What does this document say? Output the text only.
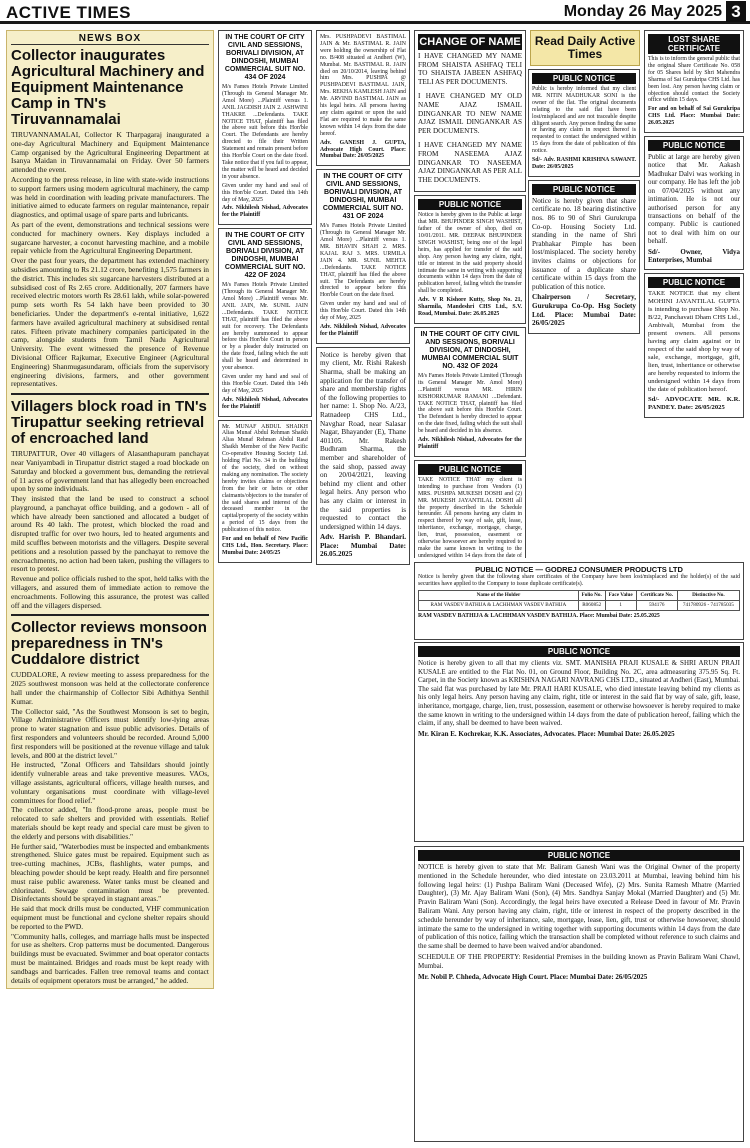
ACTIVE TIMES	Monday 26 May 2025 3
NEWS BOX
Collector inaugurates Agricultural Machinery and Equipment Maintenance Camp in TN's Tiruvannamalai

TIRUVANNAMALAI, Collector K Tharpagaraj inaugurated a one-day Agricultural Machinery and Equipment Maintenance Camp organised by the Agricultural Engineering Department at Isanya Maidan in Tiruvannamalai on Friday. Over 50 farmers attended the event.

According to the press release, in line with state-wide instructions to support farmers using modern agricultural machinery, the camp was held in coordination with leading private manufacturers. The initiative aimed to educate farmers on regular maintenance, repair diagnostics, and optimal usage of spare parts and lubricants.

As part of the event, demonstrations and technical sessions were conducted for machinery owners. Key displays included a sugarcane harvester, a coconut harvesting machine, and a mobile repair vehicle from the Agricultural Engineering Department.

Over the past four years, the department has extended machinery subsidies amounting to Rs 21.12 crore, benefiting 1,575 farmers in the district. This includes six sugarcane harvesters distributed at a subsidised cost of Rs 2.65 crore. Additionally, 207 farmers have received electric motors worth Rs 28.61 lakh, while solar-powered pump sets worth Rs 54 lakh have been provided to 30 beneficiaries. Under the department's e-rental initiative, 1,622 farmers have availed agricultural machinery at subsidised rental rates. Fifteen private machinery companies participated in the camp, alongside students from Tamil Nadu Agricultural University. The event witnessed the presence of Revenue Divisional Officer Rajkumar, Executive Engineer (Agricultural Engineering) Shanmugasundaram, officials from the supervisory engineering divisions, farmers, and other government representatives.

Villagers block road in TN's Tirupattur seeking retrieval of encroached land

TIRUPATTUR, Over 40 villagers of Alasanthapuram panchayat near Vaniyambadi in Tirupattur district staged a road blockade on Saturday and blocked a government bus, demanding the retrieval of 11 acres of government land that has allegedly been encroached upon by some individuals.

They insisted that the land be used to construct a school playground, a panchayat office building, and a godown - all of which have already been sanctioned and allocated a budget of around Rs 40 lakh. The protest, which blocked the road and disrupted traffic for over two hours, led to heated arguments and mild scuffles between motorists and the villagers. Despite several petitions and a resolution passed by the panchayat to remove the encroachments, no action had been taken, pushing the villagers to resort to protest.

Revenue and police officials rushed to the spot, held talks with the villagers, and assured them of immediate action to remove the encroachments. Following this assurance, the protest was called off and the villagers dispersed.

Collector reviews monsoon preparedness in TN's Cuddalore district

CUDDALORE, A review meeting to assess preparedness for the 2025 southwest monsoon was held at the collectorate conference hall under the chairmanship of Collector Sibi Adhithya Senthil Kumar.

The Collector said, "As the Southwest Monsoon is set to begin, Village Administrative Officers must identify low-lying areas prone to water stagnation and issue public advisories. Details of first responders and volunteers should be recorded. Around 5,000 first responders will be positioned at the revenue village and taluk levels, and 800 at the district level."

He instructed, "Zonal Officers and Tahsildars should jointly identify vulnerable areas and take preventive measures. VAOs, village assistants, agricultural officers, village health nurses, and voluntary organisations must coordinate with village-level committees for flood relief."

The collector added, "In flood-prone areas, people must be relocated to safe shelters and provided with essentials. Relief materials should be kept ready and special care must be given to the elderly and persons with disabilities."

He further said, "Waterbodies must be inspected and embankments strengthened. Sluice gates must be repaired. Equipment such as tree-cutting machines, JCBs, flashlights, water pumps, and bleaching powder should be kept ready. Health and fire personnel must raise public awareness. Water tanks must be cleaned and chlorinated. Sewage contamination must be prevented. Disinfectants should be sprayed in stagnant areas."

He said that mock drills must be conducted, VHF communication equipment must be functional and cyclone shelter repairs should be reported to the PWD.

"Community halls, colleges, and marriage halls must be inspected for use as shelters. Crop patterns must be documented. Dangerous buildings must be evacuated. Swimmer and boat operator contacts must be maintained. Bridges and roads must be kept ready with sandbags and barricades. Fallen tree removal teams and contact details of equipment operators must be arranged," he added.

IN THE COURT OF CITY CIVIL AND SESSIONS, BORIVALI DIVISION, AT DINDOSHI, MUMBAI COMMERCIAL SUIT NO. 434 OF 2024

M/s Fames Hotels Private Limited (Through its General Manager Mr. Amol More) ...Plaintiff versus 1. ANIL JAGDISH JAIN 2. ASHWINI THAKRE ...Defendants. TAKE NOTICE THAT, plaintiff has filed the above suit before this Hon'ble Court. The Defendants are hereby directed to file their Written Statement and remain present before this Hon'ble Court on the date fixed. Take notice that if you fail to appear, the matter will be heard and decided in your absence.

Given under my hand and seal of this Hon'ble Court. Dated this 14th day of May, 2025

Adv. Nikhilesh Nishad, Advocates for the Plaintiff

IN THE COURT OF CITY CIVIL AND SESSIONS, BORIVALI DIVISION, AT DINDOSHI, MUMBAI COMMERCIAL SUIT NO. 422 OF 2024

M/s Fames Hotels Private Limited (Through its General Manager Mr. Amol More) ...Plaintiff versus Mr. ANIL JAIN, Mr. SUNIL JAIN ...Defendants. TAKE NOTICE THAT, plaintiff has filed the above suit for recovery. The Defendants are hereby summoned to appear before this Hon'ble Court in person or by a pleader duly instructed on the date fixed, failing which the suit shall be heard and determined in your absence.

Given under my hand and seal of this Hon'ble Court. Dated this 14th day of May, 2025

Adv. Nikhilesh Nishad, Advocates for the Plaintiff

Mr. MUNAF ABDUL SHAIKH Alias Munaf Abdul Rehman Shaikh Alias Munaf Rehman Abdul Rauf Shaikh Member of the New Pacific Co-operative Housing Society Ltd. holding Flat No. 34 in the building of the society, died on without making any nomination. The society hereby invites claims or objections from the heir or heirs or other claimants/objectors to the transfer of the said shares and interest of the deceased member in the capital/property of the society within a period of 15 days from the publication of this notice.

For and on behalf of New Pacific CHS Ltd., Hon. Secretary. Place: Mumbai Date: 24/05/25

Mrs. PUSHPADEVI BASTIMAL JAIN & Mr. BASTIMAL R. JAIN were holding the ownership of Flat no. B/408 situated at Andheri (W), Mumbai. Mr. BASTIMAL R. JAIN died on 20/10/2014, leaving behind him Mrs. PUSHPA @ PUSHPADEVI BASTIMAL JAIN, Mrs. REKHA KAMLESH JAIN and Mr. ARVIND BASTIMAL JAIN as his legal heirs. All persons having any claim against or upon the said Flat are required to make the same known within 14 days from the date hereof.

Adv. GANESH J. GUPTA, Advocate High Court. Place: Mumbai Date: 26/05/2025

IN THE COURT OF CITY CIVIL AND SESSIONS, BORIVALI DIVISION, AT DINDOSHI, MUMBAI COMMERCIAL SUIT NO. 431 OF 2024

M/s Fames Hotels Private Limited (Through its General Manager Mr. Amol More) ...Plaintiff versus 1. MR. BHAVIN SHAH 2. MRS. KAJAL RAJ 3. MRS. URMILA JAIN 4. MR. SUNIL MEHTA ...Defendants. TAKE NOTICE THAT, plaintiff has filed the above suit. The Defendants are hereby directed to appear before this Hon'ble Court on the date fixed.

Given under my hand and seal of this Hon'ble Court. Dated this 14th day of May, 2025

Adv. Nikhilesh Nishad, Advocates for the Plaintiff

Notice is hereby given that my client, Mr. Rishi Rakesh Sharma, shall be making an application for the transfer of share and membership rights of the following properties to her name: 1. Shop No. A/23, Ratnadeep CHS Ltd., Navghar Road, near Salasar Nagar, Bhayander (E), Thane 401105. Mr. Rakesh Budhram Sharma, the member and shareholder of the said shop, passed away on 20/04/2021, leaving behind my client and other legal heirs. Any person who has any claim or interest in the said properties is requested to contact the undersigned within 14 days.

Adv. Harish P. Bhandari. Place: Mumbai Date: 26.05.2025

CHANGE OF NAME

I HAVE CHANGED MY NAME FROM SHAISTA ASHFAQ TELI TO SHAISTA JABEEN ASHFAQ TELI AS PER DOCUMENTS.

I HAVE CHANGED MY OLD NAME AJAZ ISMAIL DINGANKAR TO NEW NAME AJAZ ISMAIL DINGANKAR AS PER DOCUMENTS.

I HAVE CHANGED MY NAME FROM NASEEMA AJAZ DINGANKAR TO NASEEMA AJAZ DINGANKAR AS PER ALL THE DOCUMENTS.

PUBLIC NOTICE

Notice is hereby given to the Public at large that MR. BHUPINDER SINGH WASHIST, father of the owner of shop, died on 10/01/2011. MR. DEEPAK BHUPINDER SINGH WASHIST, being one of the legal heirs, has applied for transfer of the said shop. Any person having any claim, right, title or interest in the said property should intimate the same in writing with supporting documents within 14 days from the date of publication hereof, failing which the transfer shall be completed.

Adv. V R Kishore Kutty, Shop No. 21, Sharmila, Mandeshri CHS Ltd., S.V. Road, Mumbai. Date: 26.05.2025

IN THE COURT OF CITY CIVIL AND SESSIONS, BORIVALI DIVISION, AT DINDOSHI, MUMBAI COMMERCIAL SUIT NO. 432 OF 2024

M/s Fames Hotels Private Limited (Through its General Manager Mr. Amol More) ...Plaintiff versus MR. HIRIN KISHORKUMAR RAMANI ...Defendant. TAKE NOTICE THAT, plaintiff has filed the above suit before this Hon'ble Court. The Defendant is hereby directed to appear on the date fixed, failing which the suit shall be heard and decided in his absence.

Adv. Nikhilesh Nishad, Advocates for the Plaintiff

PUBLIC NOTICE

TAKE NOTICE THAT my client is intending to purchase from Vendors (1) MRS. PUSHPA MUKESH DOSHI and (2) MR. MUKESH JAYANTILAL DOSHI all the property described in the Schedule hereunder. All persons having any claim in respect thereof by way of sale, gift, lease, inheritance, exchange, mortgage, charge, lien, trust, possession, easement or otherwise howsoever are hereby required to make the same known in writing to the undersigned within 14 days from the date of

Read Daily Active Times
PUBLIC NOTICE

Public is hereby informed that my client MR. NITIN MADHUKAR SONI is the owner of the flat. The original documents relating to the said flat have been lost/misplaced and are not traceable despite diligent search. Any person finding the same or having any claim in respect thereof is requested to contact the undersigned within 15 days from the date of publication of this notice.

Sd/- Adv. RASHMI KRISHNA SAWANT. Date: 26/05/2025

PUBLIC NOTICE

Notice is hereby given that share certificate no. 18 bearing distinctive nos. 86 to 90 of Shri Gurukrupa Co-op. Housing Society Ltd. standing in the name of Shri Prabhakar Pimple has been lost/misplaced. The society hereby invites claims or objections for issuance of a duplicate share certificate within 15 days from the publication of this notice.

Chairperson / Secretary, Gurukrupa Co-Op. Hsg Society Ltd. Place: Mumbai Date: 26/05/2025

LOST SHARE CERTIFICATE

This is to inform the general public that the original Share Certificate No. 058 for 05 Shares held by Shri Mahendra Sharma of Sai Gurukripa CHS Ltd. has been lost. Any person having claim or objection should contact the Society office within 15 days.

For and on behalf of Sai Gurukripa CHS Ltd. Place: Mumbai Date: 26.05.2025

PUBLIC NOTICE

Public at large are hereby given notice that Mr. Aakash Madhukar Dalvi was working in our company. He has left the job on 07/04/2025 without any intimation. He is not our authorised person for any transactions on behalf of the company. Public is cautioned not to deal with him on our behalf.

Sd/- Owner, Vidya Enterprises, Mumbai

PUBLIC NOTICE

TAKE NOTICE that my client MOHINI JAYANTILAL GUPTA is intending to purchase Shop No. B/22, Panchavati Dham CHS Ltd., Ambivali, Mumbai from the present owners. All persons having any claim against or in respect of the said shop by way of sale, exchange, mortgage, gift, lien, trust, inheritance or otherwise are hereby requested to inform the undersigned within 14 days from the date of publication hereof.

Sd/- ADVOCATE MR. K.R. PANDEY. Date: 26/05/2025

PUBLIC NOTICE — GODREJ CONSUMER PRODUCTS LTD

Notice is hereby given that the following share certificates of the Company have been lost/misplaced and the holder(s) of the said securities have applied to the Company to issue duplicate certificate(s).

Name of the Holder	Folio No.	Face Value	Certificate No.	Distinctive No.
RAM VASDEV BATHIJA & LACHHMAN VASDEV BATHIJA	R060852	1	594176	741780926 - 741785035

RAM VASDEV BATHIJA & LACHHMAN VASDEV BATHIJA. Place: Mumbai Date: 25.05.2025

PUBLIC NOTICE

Notice is hereby given to all that my clients viz. SMT. MANISHA PRAJI KUSALE & SHRI ARUN PRAJI KUSALE are entitled to the Flat No. 01, on Ground Floor, Building No. 2C, area admeasuring 375.95 Sq. Ft. Carpet, in the Society known as KRISHNA NAGARI NAVRANG CHS LTD., situated at Andheri (East), Mumbai. The said flat was purchased by late Mr. PRAJI HARI KUSALE, who died intestate leaving behind my clients as his only legal heirs. Any person having any claim, right, title or interest in the said flat by way of sale, gift, lease, inheritance, mortgage, charge, lien, trust, possession, easement or otherwise howsoever is hereby required to make the same known in writing to the undersigned within 14 days from the date of publication hereof, failing which the claim, if any, shall be deemed to have been waived.

Mr. Kiran E. Kochrekar, K.K. Associates, Advocates. Place: Mumbai Date: 26.05.2025

PUBLIC NOTICE

NOTICE is hereby given to state that Mr. Baliram Ganesh Wani was the Original Owner of the property mentioned in the Schedule hereunder, who died intestate on 23.03.2011 at Mumbai, leaving behind him his following legal heirs: (1) Pushpa Baliram Wani (Deceased Wife), (2) Mrs. Sunita Ramesh Mhatre (Married Daughter), (3) Mr. Ajay Baliram Wani (Son), (4) Mrs. Sandhya Sanjay Mokal (Married Daughter) and (5) Mr. Pravin Baliram Wani (Son). Accordingly, the legal heirs have executed a Release Deed in favour of Mr. Pravin Baliram Wani. Any person having any claim, right, title or interest in respect of the property described in the schedule hereunder by way of inheritance, sale, mortgage, lease, lien, gift, trust or otherwise howsoever, should intimate the same to the undersigned in writing together with supporting documents within 14 days from the date of publication of this notice, failing which the transaction shall be completed without reference to such claims and the same shall be deemed to have been waived and/or abandoned.

SCHEDULE OF THE PROPERTY: Residential Premises in the building known as Pravin Baliram Wani Chawl, Mumbai.

Mr. Nobil P. Chheda, Advocate High Court. Place: Mumbai Date: 26/05/2025
